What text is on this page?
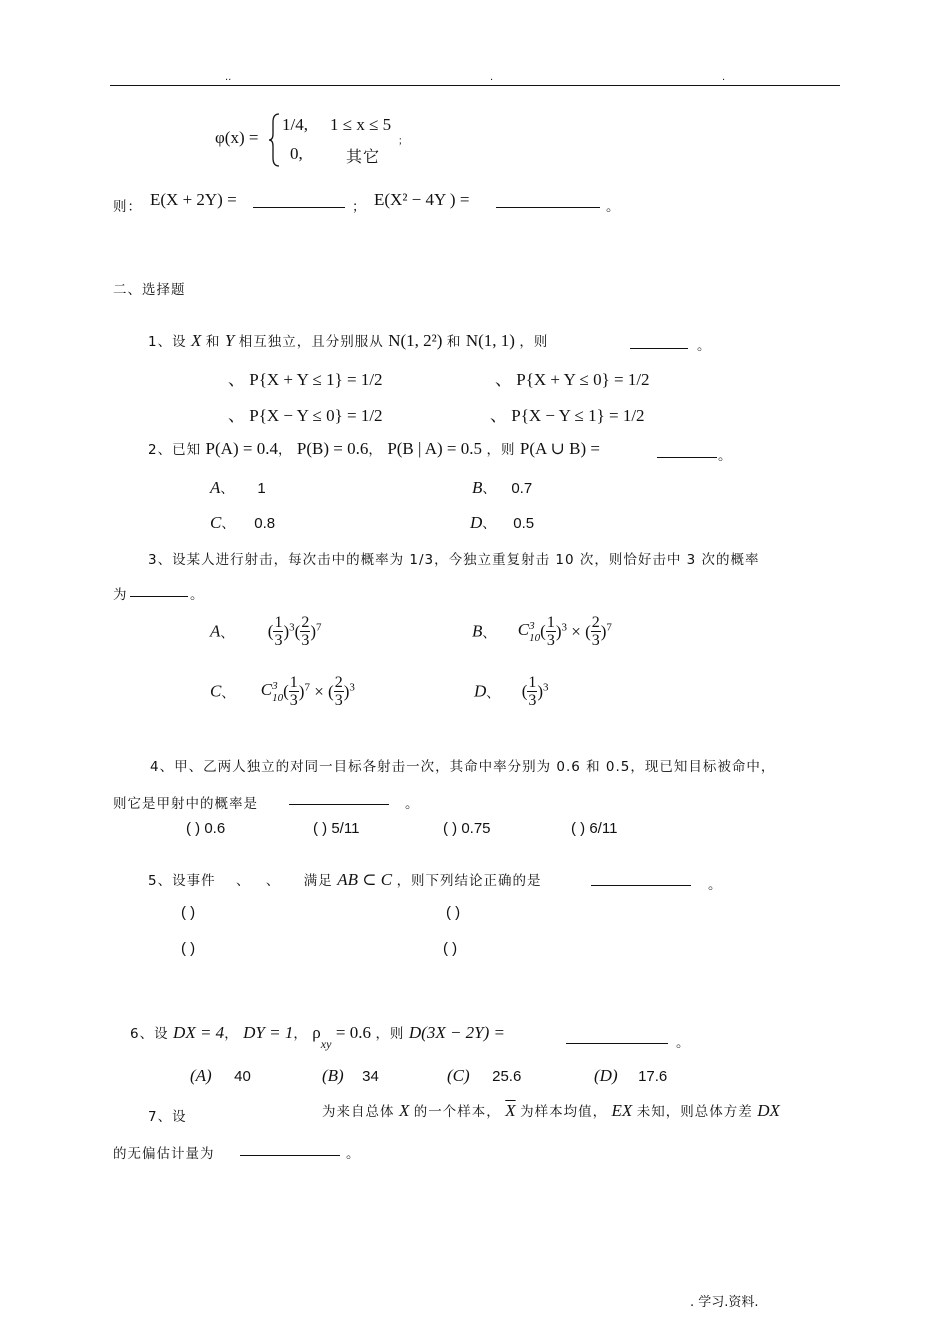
..	.	.
φ(x) =
1/4, 1 ≤ x ≤ 5
0,	其它
；
则： E(X + 2Y) =	； E(X² − 4Y ) =	。
二、选择题
1、设 X 和 Y 相互独立，且分别服从 N(1, 2²) 和 N(1, 1) ，则	。
、 P{X + Y ≤ 1} = 1/2	、 P{X + Y ≤ 0} = 1/2
、 P{X − Y ≤ 0} = 1/2	、 P{X − Y ≤ 1} = 1/2
2、已知 P(A) = 0.4， P(B) = 0.6， P(B | A) = 0.5 ，则 P(A ∪ B) =	。
A、 1	B、 0.7
C、 0.8	D、 0.5
3、设某人进行射击，每次击中的概率为 1/3，今独立重复射击 10 次，则恰好击中 3 次的概率
为	。
A、 ( $\frac{1}{3} )^3( \frac{2}{3} )^7$	B、 C 3
10 ( $\frac{1}{3} )^3$ × ( $\frac{2}{3} )^7$
C、 C 3
10 ( $\frac{1}{3} )^7$ × ( $\frac{2}{3} )^3$	D、 ( $\frac{1}{3} )^3$
4、甲、乙两人独立的对同一目标各射击一次，其命中率分别为 0.6 和 0.5，现已知目标被命中，
则它是甲射中的概率是	。
( ) 0.6	( ) 5/11	( ) 0.75	( ) 6/11
5、设事件 、 、 满足 AB ⊂ C ，则下列结论正确的是	。
( )	( )
( )	( )
6、设 DX = 4， DY = 1， $\rho_{xy} = 0.6$ ，则 D(3X − 2Y) =
。
(A) 40	(B) 34	(C) 25.6	(D) 17.6
7、设	为来自总体 X 的一个样本， $\overline{X}$ 为样本均值， EX 未知，则总体方差 DX
的无偏估计量为	。
. 学习.资料.
